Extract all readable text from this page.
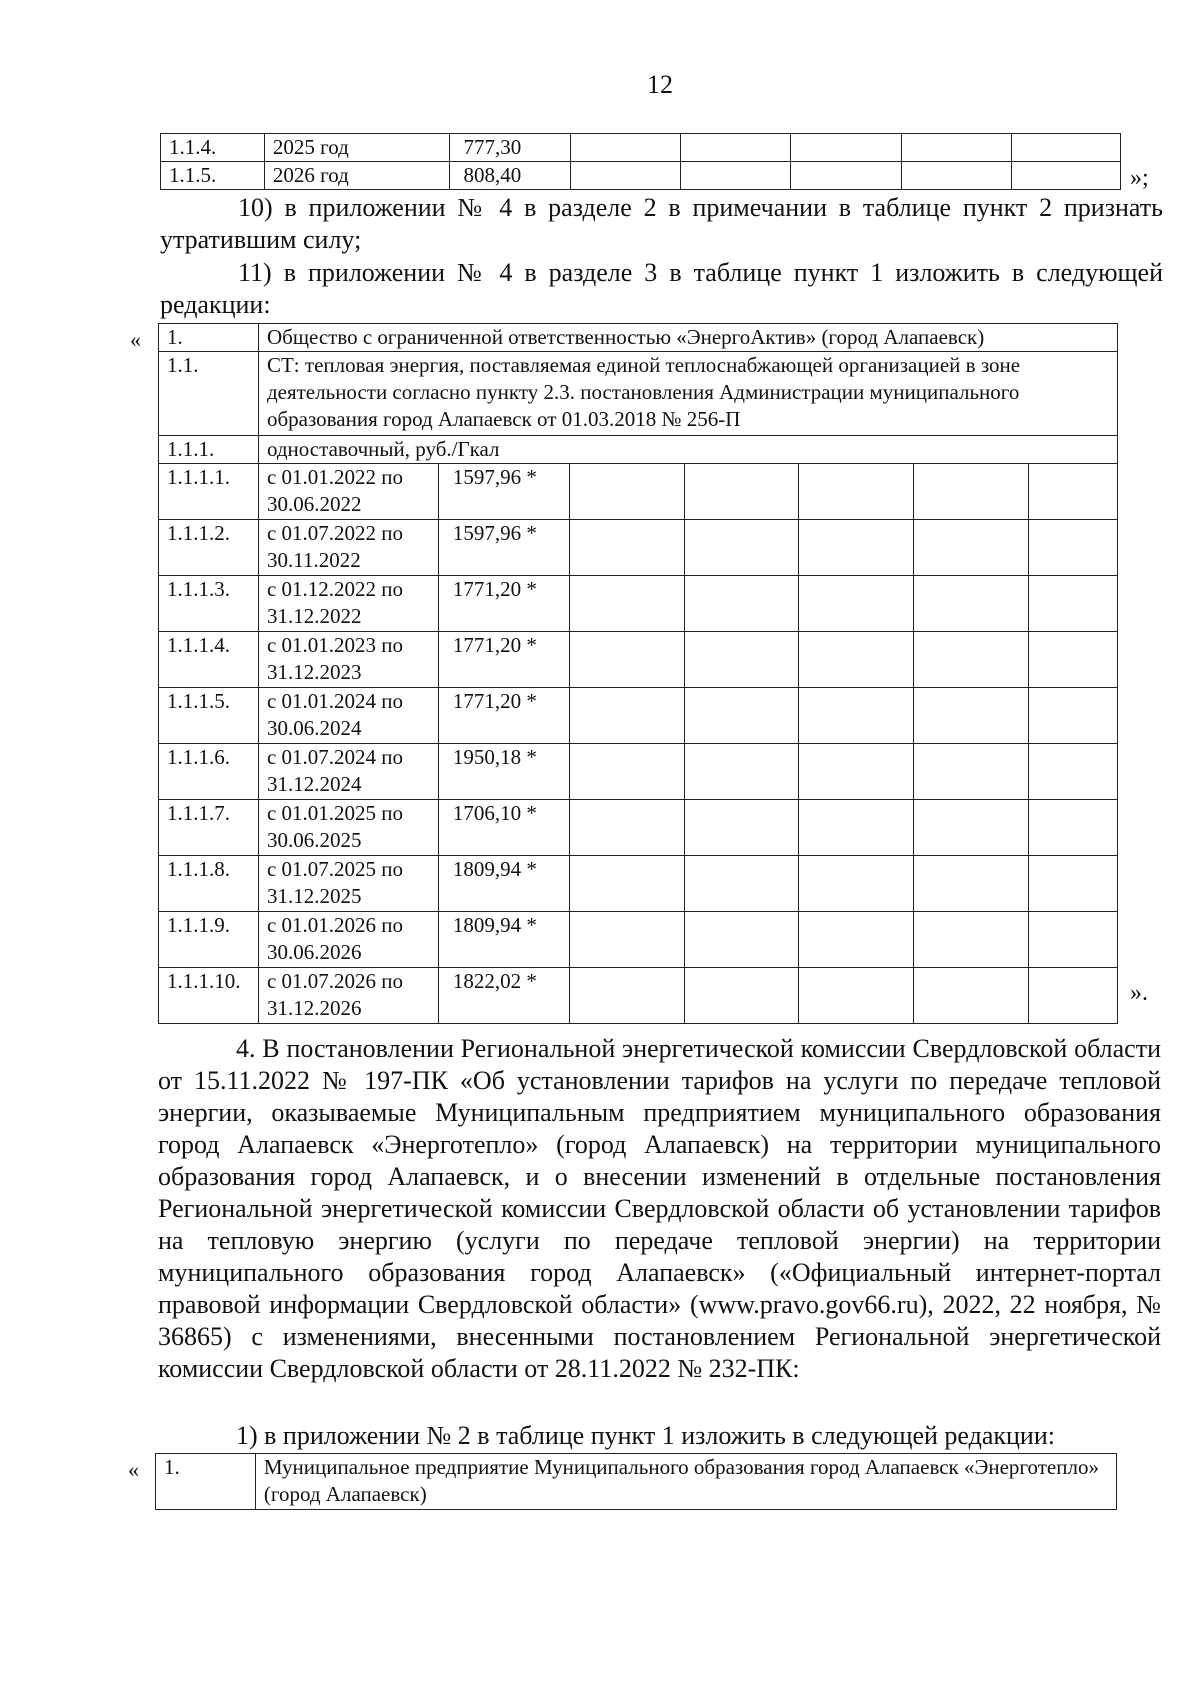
12
1.1.4.	2025 год	777,30					
1.1.5.	2026 год	808,40						»;
10) в приложении № 4 в разделе 2 в примечании в таблице пункт 2 признать утратившим силу;
11) в приложении № 4 в разделе 3 в таблице пункт 1 изложить в следующей редакции:
« 1.	Общество с ограниченной ответственностью «ЭнергоАктив» (город Алапаевск)						
1.1.	СТ: тепловая энергия, поставляемая единой теплоснабжающей организацией в зоне деятельности согласно пункту 2.3. постановления Администрации муниципального образования город Алапаевск от 01.03.2018 № 256-П						
1.1.1.	одноставочный, руб./Гкал						
1.1.1.1.	с 01.01.2022 по 30.06.2022	1597,96 *					
1.1.1.2.	с 01.07.2022 по 30.11.2022	1597,96 *					
1.1.1.3.	с 01.12.2022 по 31.12.2022	1771,20 *					
1.1.1.4.	с 01.01.2023 по 31.12.2023	1771,20 *					
1.1.1.5.	с 01.01.2024 по 30.06.2024	1771,20 *					
1.1.1.6.	с 01.07.2024 по 31.12.2024	1950,18 *					
1.1.1.7.	с 01.01.2025 по 30.06.2025	1706,10 *					
1.1.1.8.	с 01.07.2025 по 31.12.2025	1809,94 *					
1.1.1.9.	с 01.01.2026 по 30.06.2026	1809,94 *					
1.1.1.10.	с 01.07.2026 по 31.12.2026	1822,02 *						».
4. В постановлении Региональной энергетической комиссии Свердловской области от 15.11.2022 № 197-ПК «Об установлении тарифов на услуги по передаче тепловой энергии, оказываемые Муниципальным предприятием муниципального образования город Алапаевск «Энерготепло» (город Алапаевск) на территории муниципального образования город Алапаевск, и о внесении изменений в отдельные постановления Региональной энергетической комиссии Свердловской области об установлении тарифов на тепловую энергию (услуги по передаче тепловой энергии) на территории муниципального образования город Алапаевск» («Официальный интернет-портал правовой информации Свердловской области» (www.pravo.gov66.ru), 2022, 22 ноября, № 36865) с изменениями, внесенными постановлением Региональной энергетической комиссии Свердловской области от 28.11.2022 № 232-ПК:
1) в приложении № 2 в таблице пункт 1 изложить в следующей редакции:
« 1.	Муниципальное предприятие Муниципального образования город Алапаевск «Энерготепло» (город Алапаевск)
